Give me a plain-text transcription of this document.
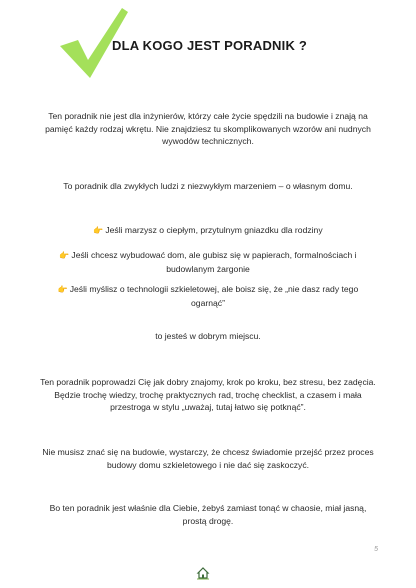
DLA KOGO JEST PORADNIK ?
Ten poradnik nie jest dla inżynierów, którzy całe życie spędzili na budowie i znają na pamięć każdy rodzaj wkrętu. Nie znajdziesz tu skomplikowanych wzorów ani nudnych wywodów technicznych.
To poradnik dla zwykłych ludzi z niezwykłym marzeniem – o własnym domu.
👉 Jeśli marzysz o ciepłym, przytulnym gniazdku dla rodziny
👉 Jeśli chcesz wybudować dom, ale gubisz się w papierach, formalnościach i budowlanym żargonie
👉 Jeśli myślisz o technologii szkieletowej, ale boisz się, że „nie dasz rady tego ogarnąć”
to jesteś w dobrym miejscu.
Ten poradnik poprowadzi Cię jak dobry znajomy, krok po kroku, bez stresu, bez zadęcia. Będzie trochę wiedzy, trochę praktycznych rad, trochę checklist, a czasem i mała przestroga w stylu „uważaj, tutaj łatwo się potknąć”.
Nie musisz znać się na budowie, wystarczy, że chcesz świadomie przejść przez proces budowy domu szkieletowego i nie dać się zaskoczyć.
Bo ten poradnik jest właśnie dla Ciebie, żebyś zamiast tonąć w chaosie, miał jasną, prostą drogę.
5
